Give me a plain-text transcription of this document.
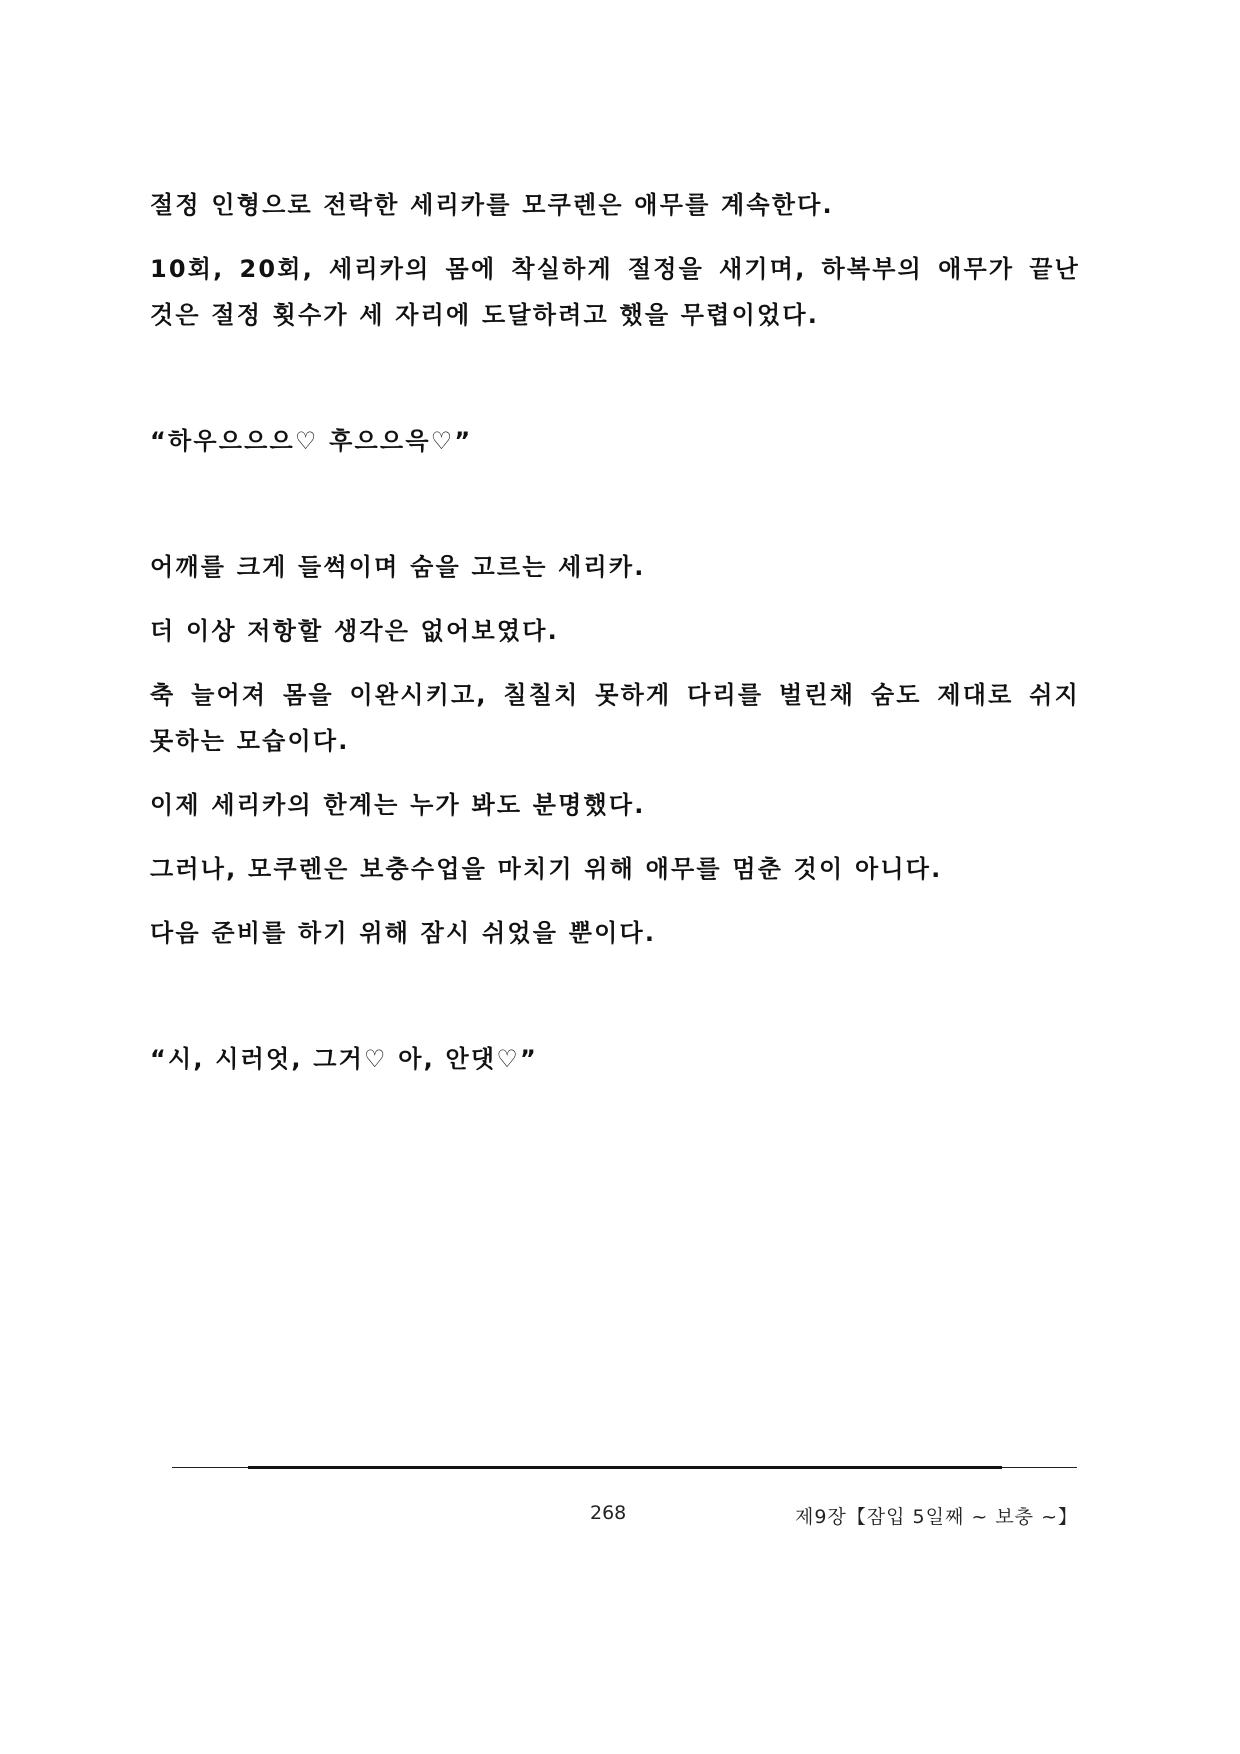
절정 인형으로 전락한 세리카를 모쿠렌은 애무를 계속한다.

10회, 20회, 세리카의 몸에 착실하게 절정을 새기며, 하복부의 애무가 끝난 것은 절정 횟수가 세 자리에 도달하려고 했을 무렵이었다.

“하우으으으♡ 후으으윽♡”

어깨를 크게 들썩이며 숨을 고르는 세리카.

더 이상 저항할 생각은 없어보였다.

축 늘어져 몸을 이완시키고, 칠칠치 못하게 다리를 벌린채 숨도 제대로 쉬지 못하는 모습이다.

이제 세리카의 한계는 누가 봐도 분명했다.

그러나, 모쿠렌은 보충수업을 마치기 위해 애무를 멈춘 것이 아니다.

다음 준비를 하기 위해 잠시 쉬었을 뿐이다.

“시, 시러엇, 그거♡ 아, 안댓♡”

268	제9장【잠입 5일째 ~ 보충 ~】
